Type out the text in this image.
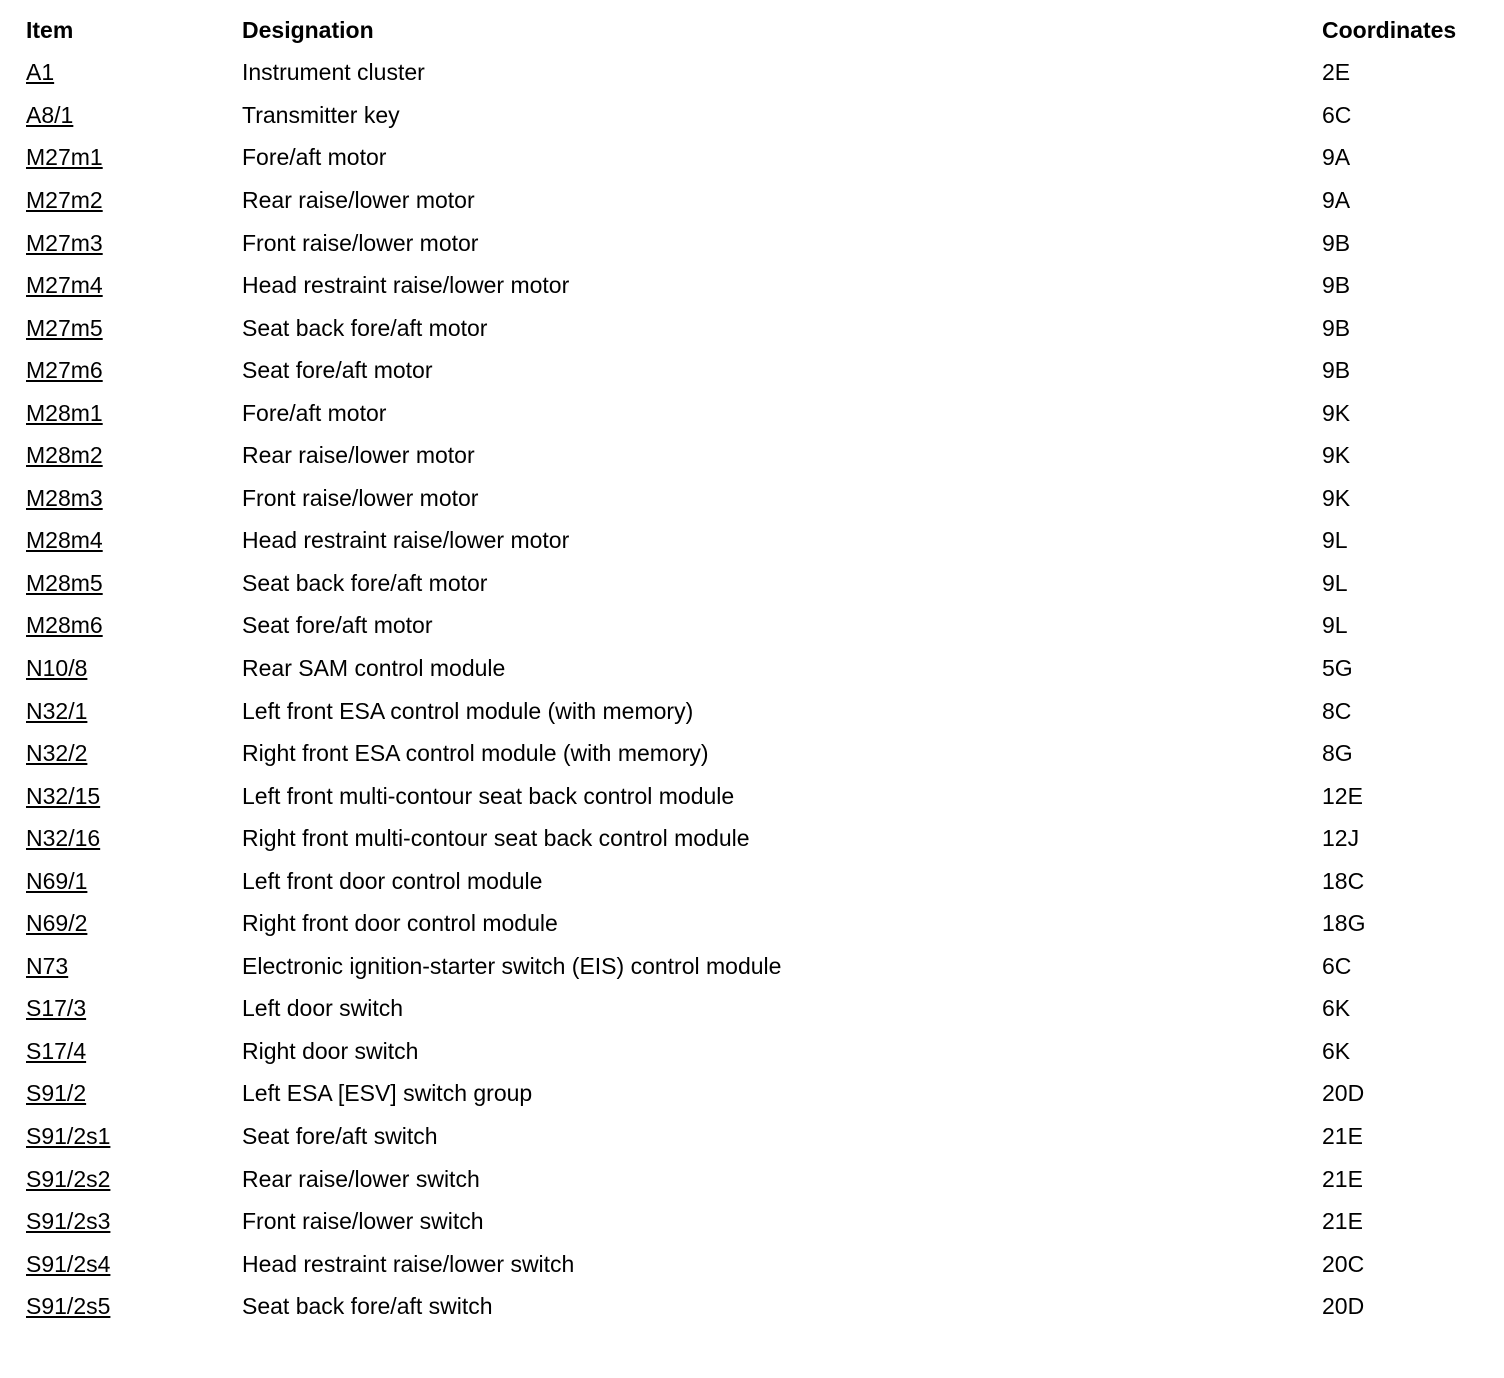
Item	Designation	Coordinates
A1	Instrument cluster	2E
A8/1	Transmitter key	6C
M27m1	Fore/aft motor	9A
M27m2	Rear raise/lower motor	9A
M27m3	Front raise/lower motor	9B
M27m4	Head restraint raise/lower motor	9B
M27m5	Seat back fore/aft motor	9B
M27m6	Seat fore/aft motor	9B
M28m1	Fore/aft motor	9K
M28m2	Rear raise/lower motor	9K
M28m3	Front raise/lower motor	9K
M28m4	Head restraint raise/lower motor	9L
M28m5	Seat back fore/aft motor	9L
M28m6	Seat fore/aft motor	9L
N10/8	Rear SAM control module	5G
N32/1	Left front ESA control module (with memory)	8C
N32/2	Right front ESA control module (with memory)	8G
N32/15	Left front multi-contour seat back control module	12E
N32/16	Right front multi-contour seat back control module	12J
N69/1	Left front door control module	18C
N69/2	Right front door control module	18G
N73	Electronic ignition-starter switch (EIS) control module	6C
S17/3	Left door switch	6K
S17/4	Right door switch	6K
S91/2	Left ESA [ESV] switch group	20D
S91/2s1	Seat fore/aft switch	21E
S91/2s2	Rear raise/lower switch	21E
S91/2s3	Front raise/lower switch	21E
S91/2s4	Head restraint raise/lower switch	20C
S91/2s5	Seat back fore/aft switch	20D
